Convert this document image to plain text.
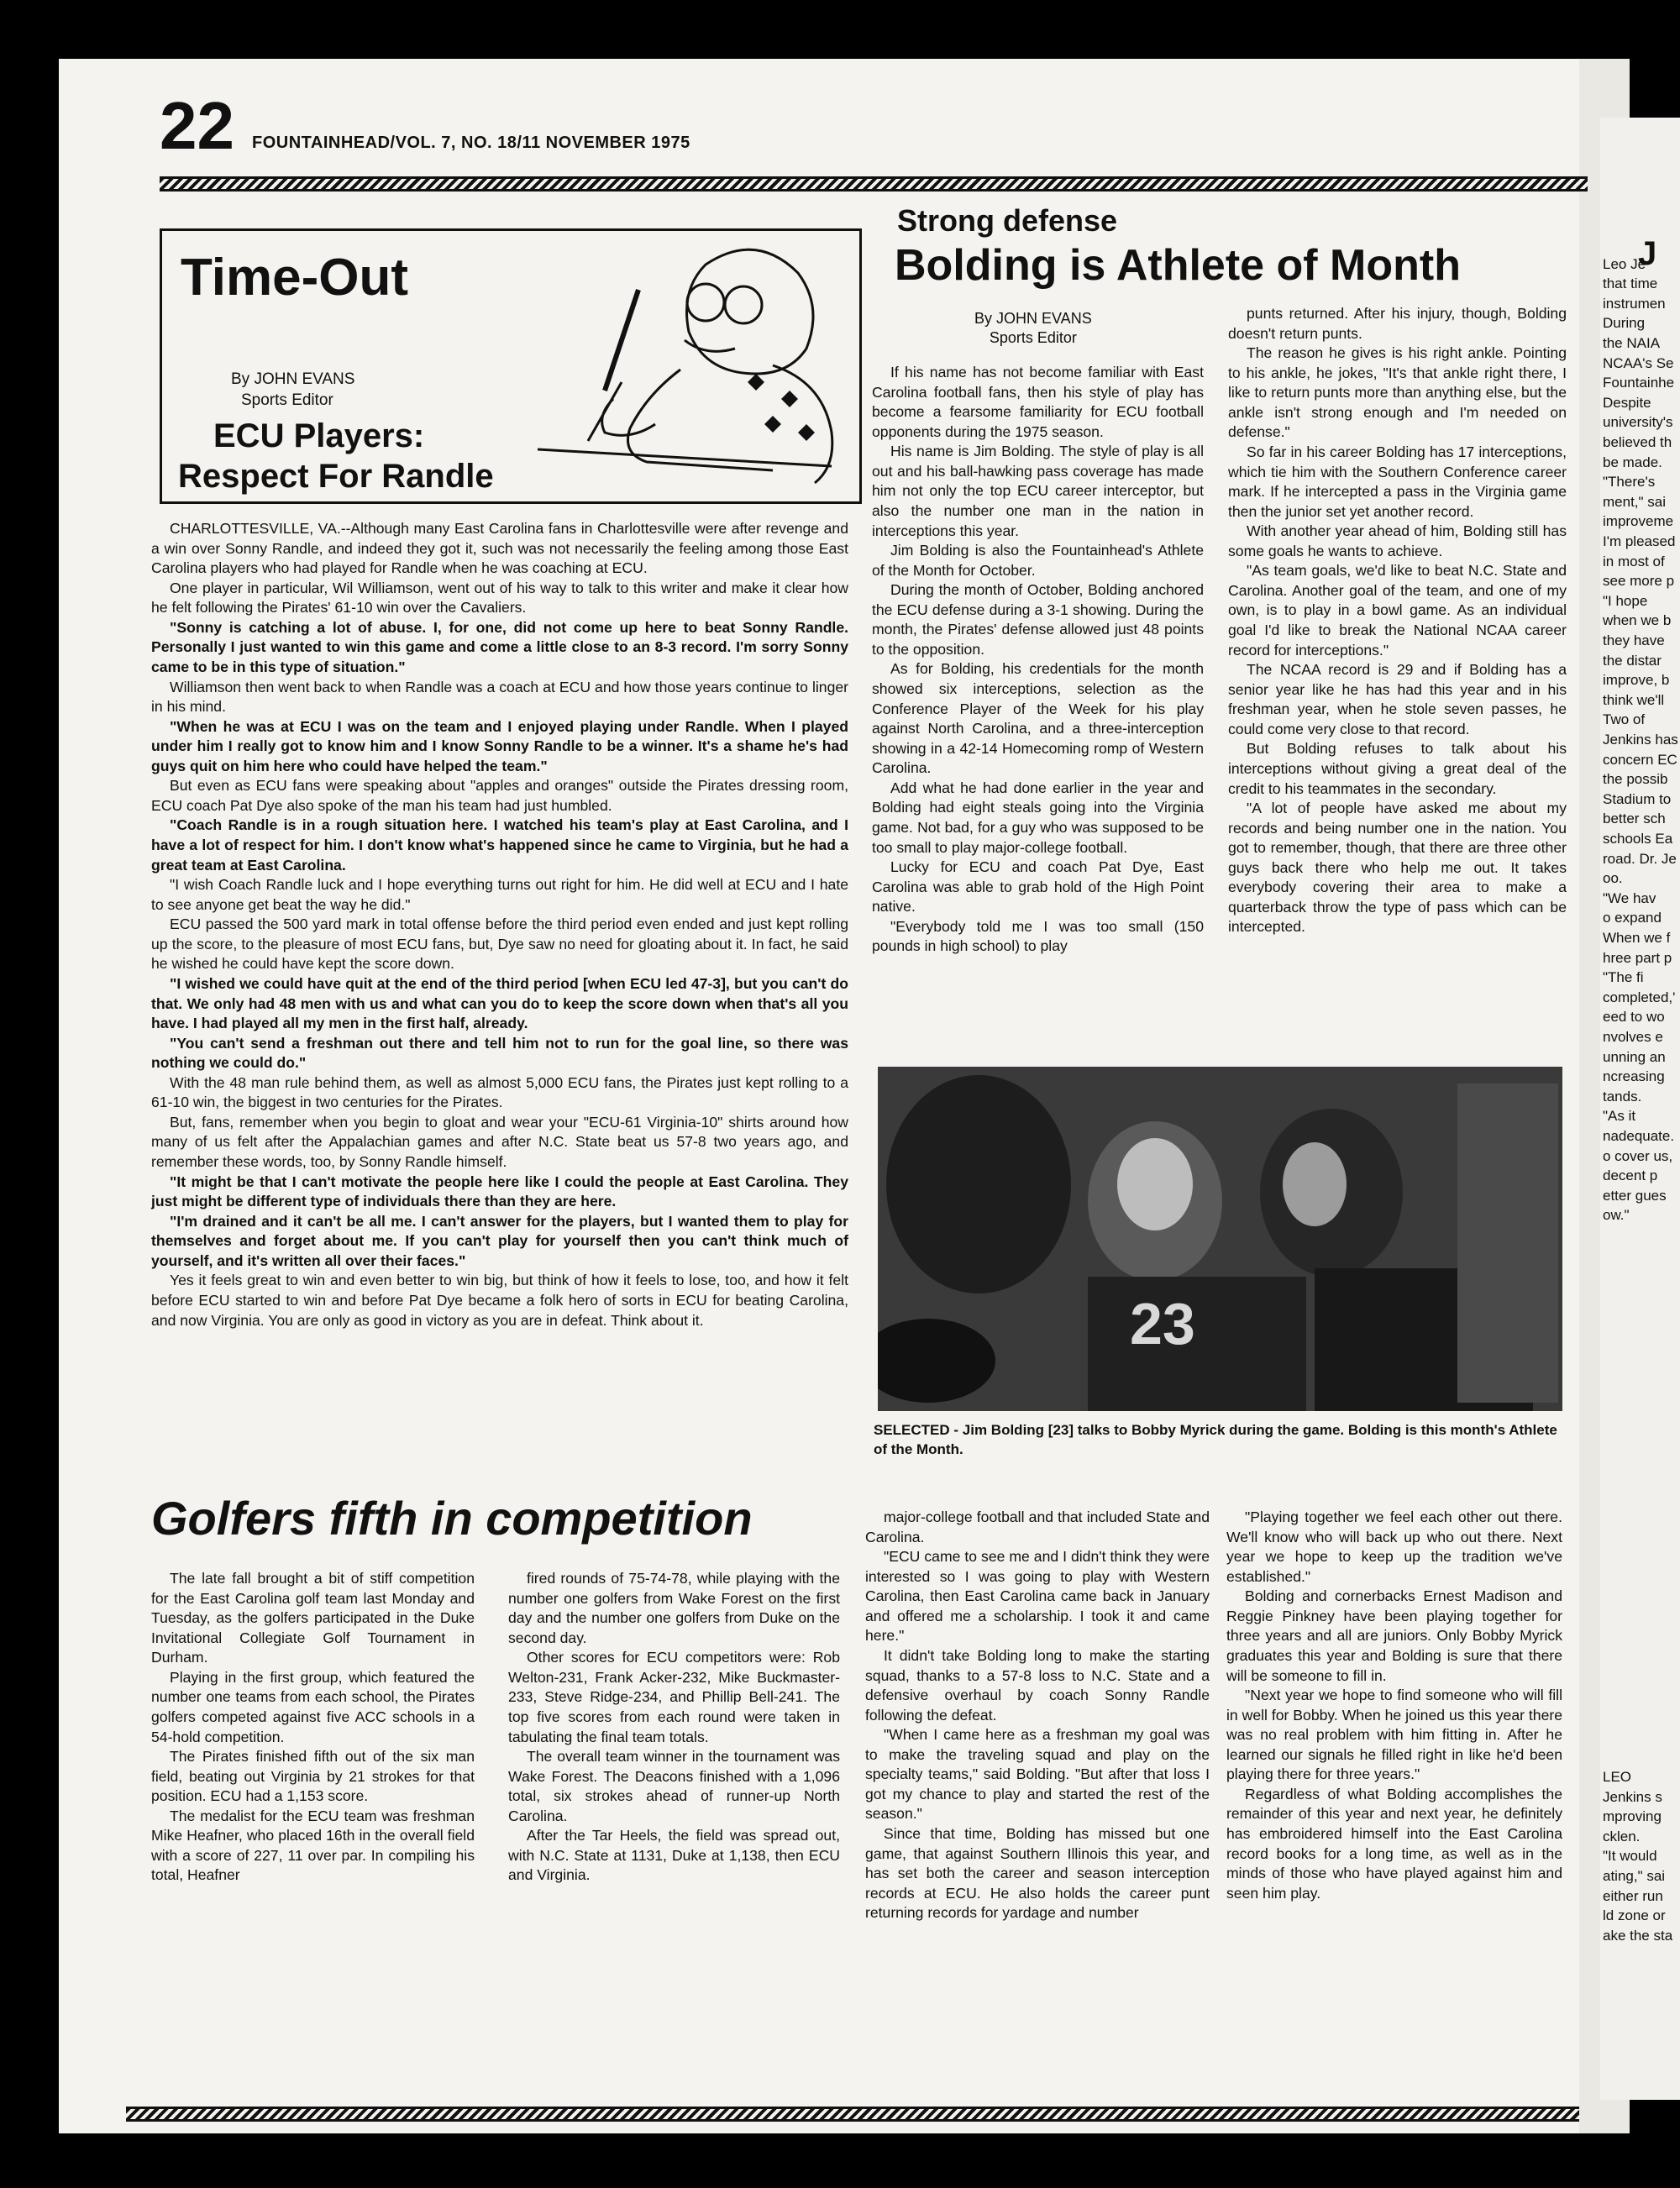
22 FOUNTAINHEAD/VOL. 7, NO. 18/11 NOVEMBER 1975
Time-Out
By JOHN EVANS
Sports Editor
ECU Players:
Respect For Randle

CHARLOTTESVILLE, VA.--Although many East Carolina fans in Charlottesville were after revenge and a win over Sonny Randle, and indeed they got it, such was not necessarily the feeling among those East Carolina players who had played for Randle when he was coaching at ECU.

One player in particular, Wil Williamson, went out of his way to talk to this writer and make it clear how he felt following the Pirates' 61-10 win over the Cavaliers.

"Sonny is catching a lot of abuse. I, for one, did not come up here to beat Sonny Randle. Personally I just wanted to win this game and come a little close to an 8-3 record. I'm sorry Sonny came to be in this type of situation."

Williamson then went back to when Randle was a coach at ECU and how those years continue to linger in his mind.

"When he was at ECU I was on the team and I enjoyed playing under Randle. When I played under him I really got to know him and I know Sonny Randle to be a winner. It's a shame he's had guys quit on him here who could have helped the team."

But even as ECU fans were speaking about "apples and oranges" outside the Pirates dressing room, ECU coach Pat Dye also spoke of the man his team had just humbled.

"Coach Randle is in a rough situation here. I watched his team's play at East Carolina, and I have a lot of respect for him. I don't know what's happened since he came to Virginia, but he had a great team at East Carolina.

"I wish Coach Randle luck and I hope everything turns out right for him. He did well at ECU and I hate to see anyone get beat the way he did."

ECU passed the 500 yard mark in total offense before the third period even ended and just kept rolling up the score, to the pleasure of most ECU fans, but, Dye saw no need for gloating about it. In fact, he said he wished he could have kept the score down.

"I wished we could have quit at the end of the third period [when ECU led 47-3], but you can't do that. We only had 48 men with us and what can you do to keep the score down when that's all you have. I had played all my men in the first half, already.

"You can't send a freshman out there and tell him not to run for the goal line, so there was nothing we could do."

With the 48 man rule behind them, as well as almost 5,000 ECU fans, the Pirates just kept rolling to a 61-10 win, the biggest in two centuries for the Pirates.

But, fans, remember when you begin to gloat and wear your "ECU-61 Virginia-10" shirts around how many of us felt after the Appalachian games and after N.C. State beat us 57-8 two years ago, and remember these words, too, by Sonny Randle himself.

"It might be that I can't motivate the people here like I could the people at East Carolina. They just might be different type of individuals there than they are here.

"I'm drained and it can't be all me. I can't answer for the players, but I wanted them to play for themselves and forget about me. If you can't play for yourself then you can't think much of yourself, and it's written all over their faces."

Yes it feels great to win and even better to win big, but think of how it feels to lose, too, and how it felt before ECU started to win and before Pat Dye became a folk hero of sorts in ECU for beating Carolina, and now Virginia. You are only as good in victory as you are in defeat. Think about it.

Strong defense
Bolding is Athlete of Month
By JOHN EVANS
Sports Editor

If his name has not become familiar with East Carolina football fans, then his style of play has become a fearsome familiarity for ECU football opponents during the 1975 season.

His name is Jim Bolding. The style of play is all out and his ball-hawking pass coverage has made him not only the top ECU career interceptor, but also the number one man in the nation in interceptions this year.

Jim Bolding is also the Fountainhead's Athlete of the Month for October.

During the month of October, Bolding anchored the ECU defense during a 3-1 showing. During the month, the Pirates' defense allowed just 48 points to the opposition.

As for Bolding, his credentials for the month showed six interceptions, selection as the Conference Player of the Week for his play against North Carolina, and a three-interception showing in a 42-14 Homecoming romp of Western Carolina.

Add what he had done earlier in the year and Bolding had eight steals going into the Virginia game. Not bad, for a guy who was supposed to be too small to play major-college football.

Lucky for ECU and coach Pat Dye, East Carolina was able to grab hold of the High Point native.

"Everybody told me I was too small (150 pounds in high school) to play

punts returned. After his injury, though, Bolding doesn't return punts.

The reason he gives is his right ankle. Pointing to his ankle, he jokes, "It's that ankle right there, I like to return punts more than anything else, but the ankle isn't strong enough and I'm needed on defense."

So far in his career Bolding has 17 interceptions, which tie him with the Southern Conference career mark. If he intercepted a pass in the Virginia game then the junior set yet another record.

With another year ahead of him, Bolding still has some goals he wants to achieve.

"As team goals, we'd like to beat N.C. State and Carolina. Another goal of the team, and one of my own, is to play in a bowl game. As an individual goal I'd like to break the National NCAA career record for interceptions."

The NCAA record is 29 and if Bolding has a senior year like he has had this year and in his freshman year, when he stole seven passes, he could come very close to that record.

But Bolding refuses to talk about his interceptions without giving a great deal of the credit to his teammates in the secondary.

"A lot of people have asked me about my records and being number one in the nation. You got to remember, though, that there are three other guys back there who help me out. It takes everybody covering their area to make a quarterback throw the type of pass which can be intercepted.

23
SELECTED - Jim Bolding [23] talks to Bobby Myrick during the game. Bolding is this month's Athlete of the Month.

major-college football and that included State and Carolina.

"ECU came to see me and I didn't think they were interested so I was going to play with Western Carolina, then East Carolina came back in January and offered me a scholarship. I took it and came here."

It didn't take Bolding long to make the starting squad, thanks to a 57-8 loss to N.C. State and a defensive overhaul by coach Sonny Randle following the defeat.

"When I came here as a freshman my goal was to make the traveling squad and play on the specialty teams," said Bolding. "But after that loss I got my chance to play and started the rest of the season."

Since that time, Bolding has missed but one game, that against Southern Illinois this year, and has set both the career and season interception records at ECU. He also holds the career punt returning records for yardage and number

"Playing together we feel each other out there. We'll know who will back up who out there. Next year we hope to keep up the tradition we've established."

Bolding and cornerbacks Ernest Madison and Reggie Pinkney have been playing together for three years and all are juniors. Only Bobby Myrick graduates this year and Bolding is sure that there will be someone to fill in.

"Next year we hope to find someone who will fill in well for Bobby. When he joined us this year there was no real problem with him fitting in. After he learned our signals he filled right in like he'd been playing there for three years."

Regardless of what Bolding accomplishes the remainder of this year and next year, he definitely has embroidered himself into the East Carolina record books for a long time, as well as in the minds of those who have played against him and seen him play.

Golfers fifth in competition

The late fall brought a bit of stiff competition for the East Carolina golf team last Monday and Tuesday, as the golfers participated in the Duke Invitational Collegiate Golf Tournament in Durham.

Playing in the first group, which featured the number one teams from each school, the Pirates golfers competed against five ACC schools in a 54-hold competition.

The Pirates finished fifth out of the six man field, beating out Virginia by 21 strokes for that position. ECU had a 1,153 score.

The medalist for the ECU team was freshman Mike Heafner, who placed 16th in the overall field with a score of 227, 11 over par. In compiling his total, Heafner

fired rounds of 75-74-78, while playing with the number one golfers from Wake Forest on the first day and the number one golfers from Duke on the second day.

Other scores for ECU competitors were: Rob Welton-231, Frank Acker-232, Mike Buckmaster-233, Steve Ridge-234, and Phillip Bell-241. The top five scores from each round were taken in tabulating the final team totals.

The overall team winner in the tournament was Wake Forest. The Deacons finished with a 1,096 total, six strokes ahead of runner-up North Carolina.

After the Tar Heels, the field was spread out, with N.C. State at 1131, Duke at 1,138, then ECU and Virginia.

J
Leo Je
that time
instrumen
During
the NAIA
NCAA's Se
Fountainhe
Despite
university's
believed th
be made.
"There's
ment," sai
improveme
I'm pleased
in most of
see more p
"I hope
when we b
they have
the distar
improve, b
think we'll
Two of
Jenkins has
concern EC
the possib
Stadium to
better sch
schools Ea
road. Dr. Je
oo.
"We hav
o expand
When we f
hree part p
"The fi
completed,'
eed to wo
nvolves e
unning an
ncreasing
tands.
"As it
nadequate.
o cover us,
decent p
etter gues
ow."
LEO
Jenkins s
mproving
cklen.
"It would
ating," sai
either run
ld zone or
ake the sta
